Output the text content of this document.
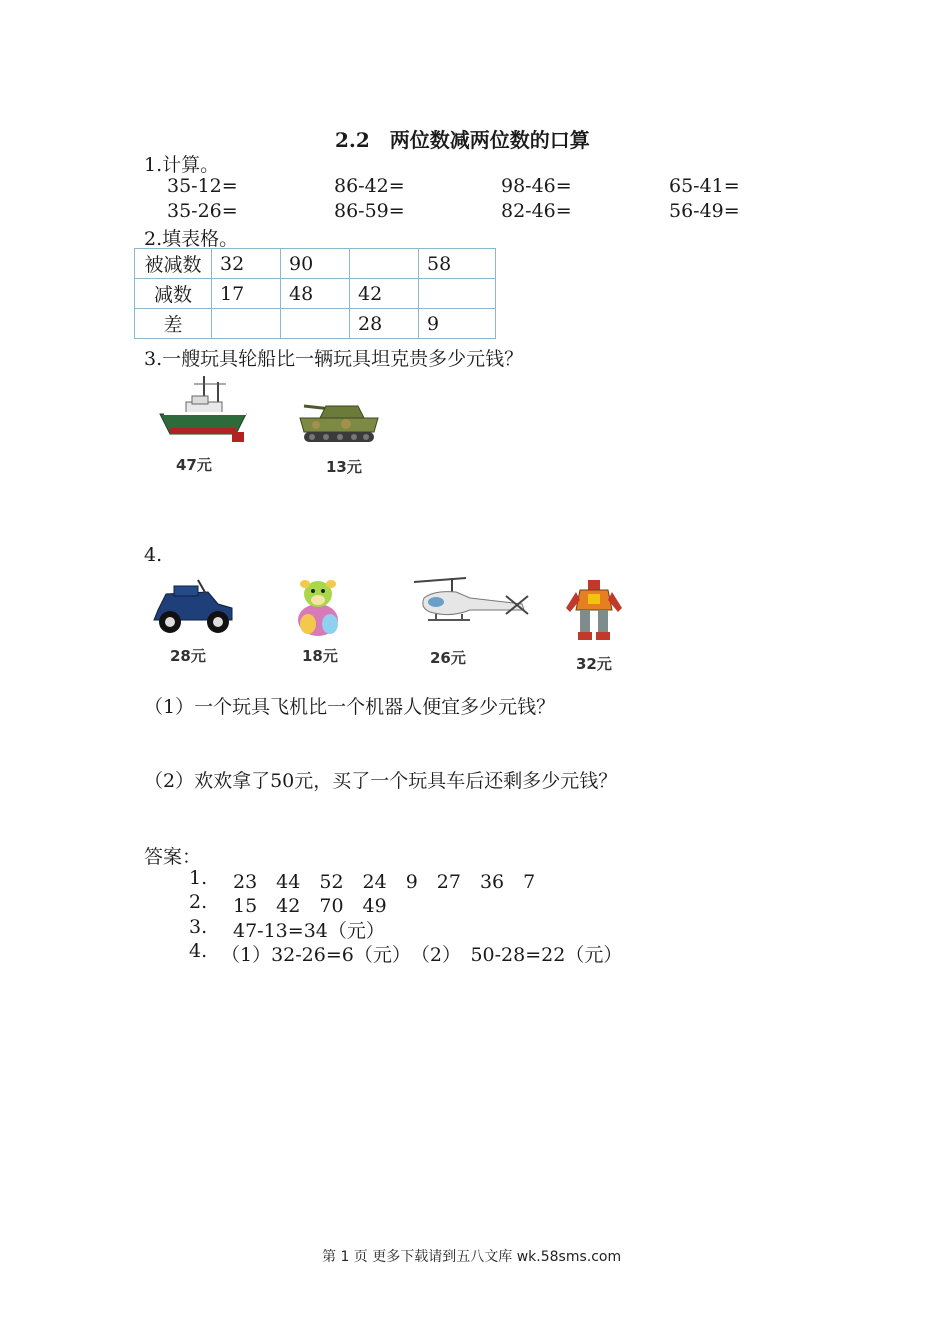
2.2　两位数减两位数的口算
1.计算。
35-12=	86-42=	98-46=	65-41=
35-26=	86-59=	82-46=	56-49=
2.填表格。
被减数	32	90		58
减数	17	48	42	
差			28	9
3.一艘玩具轮船比一辆玩具坦克贵多少元钱？
47元	13元
4.
28元	18元	26元	32元
（1）一个玩具飞机比一个机器人便宜多少元钱？
（2）欢欢拿了50元，买了一个玩具车后还剩多少元钱？
答案：
1. 23　44　52　24　9　27　36　7
2. 15　42　70　49
3. 47-13=34（元）
4. （1）32-26=6（元）　（2）　50-28=22（元）
第 1 页 更多下载请到五八文库 wk.58sms.com
